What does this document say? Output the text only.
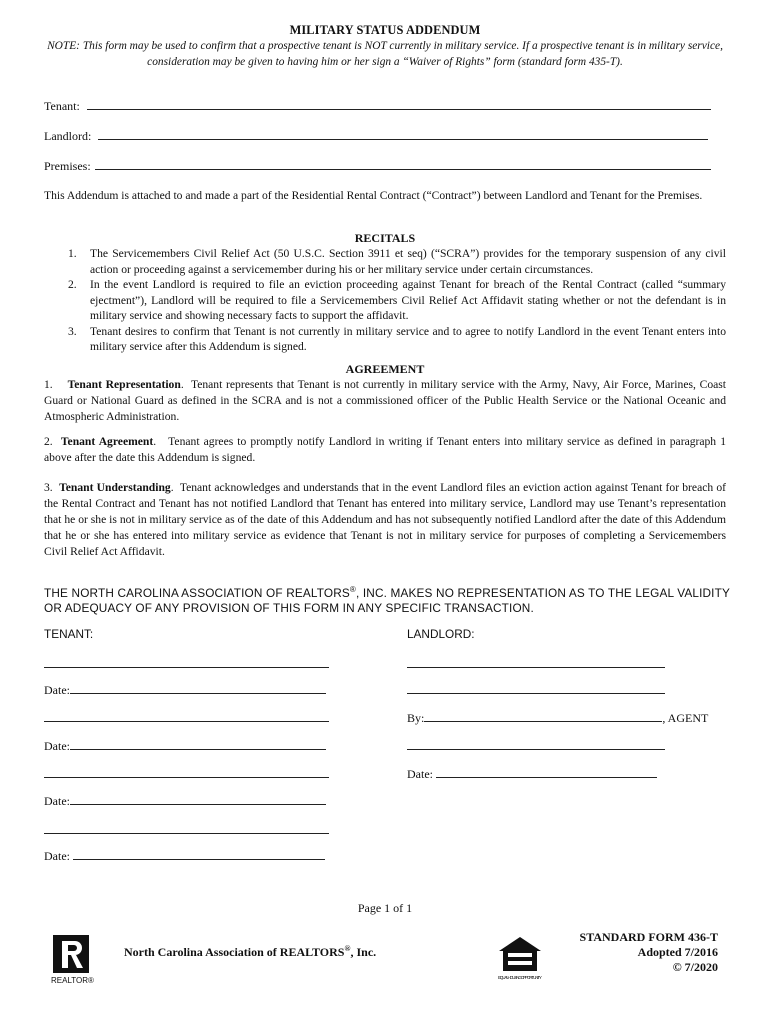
MILITARY STATUS ADDENDUM
NOTE: This form may be used to confirm that a prospective tenant is NOT currently in military service. If a prospective tenant is in military service, consideration may be given to having him or her sign a “Waiver of Rights” form (standard form 435-T).
Tenant:
Landlord:
Premises:
This Addendum is attached to and made a part of the Residential Rental Contract (“Contract”) between Landlord and Tenant for the Premises.
RECITALS
1. The Servicemembers Civil Relief Act (50 U.S.C. Section 3911 et seq) (“SCRA”) provides for the temporary suspension of any civil action or proceeding against a servicemember during his or her military service under certain circumstances.
2. In the event Landlord is required to file an eviction proceeding against Tenant for breach of the Rental Contract (called “summary ejectment”), Landlord will be required to file a Servicemembers Civil Relief Act Affidavit stating whether or not the defendant is in military service and showing necessary facts to support the affidavit.
3. Tenant desires to confirm that Tenant is not currently in military service and to agree to notify Landlord in the event Tenant enters into military service after this Addendum is signed.
AGREEMENT
1. Tenant Representation.  Tenant represents that Tenant is not currently in military service with the Army, Navy, Air Force, Marines, Coast Guard or National Guard as defined in the SCRA and is not a commissioned officer of the Public Health Service or the National Oceanic and Atmospheric Administration.
2. Tenant Agreement.   Tenant agrees to promptly notify Landlord in writing if Tenant enters into military service as defined in paragraph 1 above after the date this Addendum is signed.
3. Tenant Understanding.  Tenant acknowledges and understands that in the event Landlord files an eviction action against Tenant for breach of the Rental Contract and Tenant has not notified Landlord that Tenant has entered into military service, Landlord may use Tenant’s representation that he or she is not in military service as of the date of this Addendum and has not subsequently notified Landlord after the date of this Addendum that he or she has entered into military service as evidence that Tenant is not in military service for purposes of completing a Servicemembers Civil Relief Act Affidavit.
THE NORTH CAROLINA ASSOCIATION OF REALTORS®, INC. MAKES NO REPRESENTATION AS TO THE LEGAL VALIDITY OR ADEQUACY OF ANY PROVISION OF THIS FORM IN ANY SPECIFIC TRANSACTION.
TENANT:	LANDLORD:
Date:
Date:
Date:
Date:
By:	, AGENT
Date:
Page 1 of 1
REALTOR®
North Carolina Association of REALTORS®, Inc.
EQUAL HOUSING OPPORTUNITY
STANDARD FORM 436-T
Adopted 7/2016
© 7/2020
